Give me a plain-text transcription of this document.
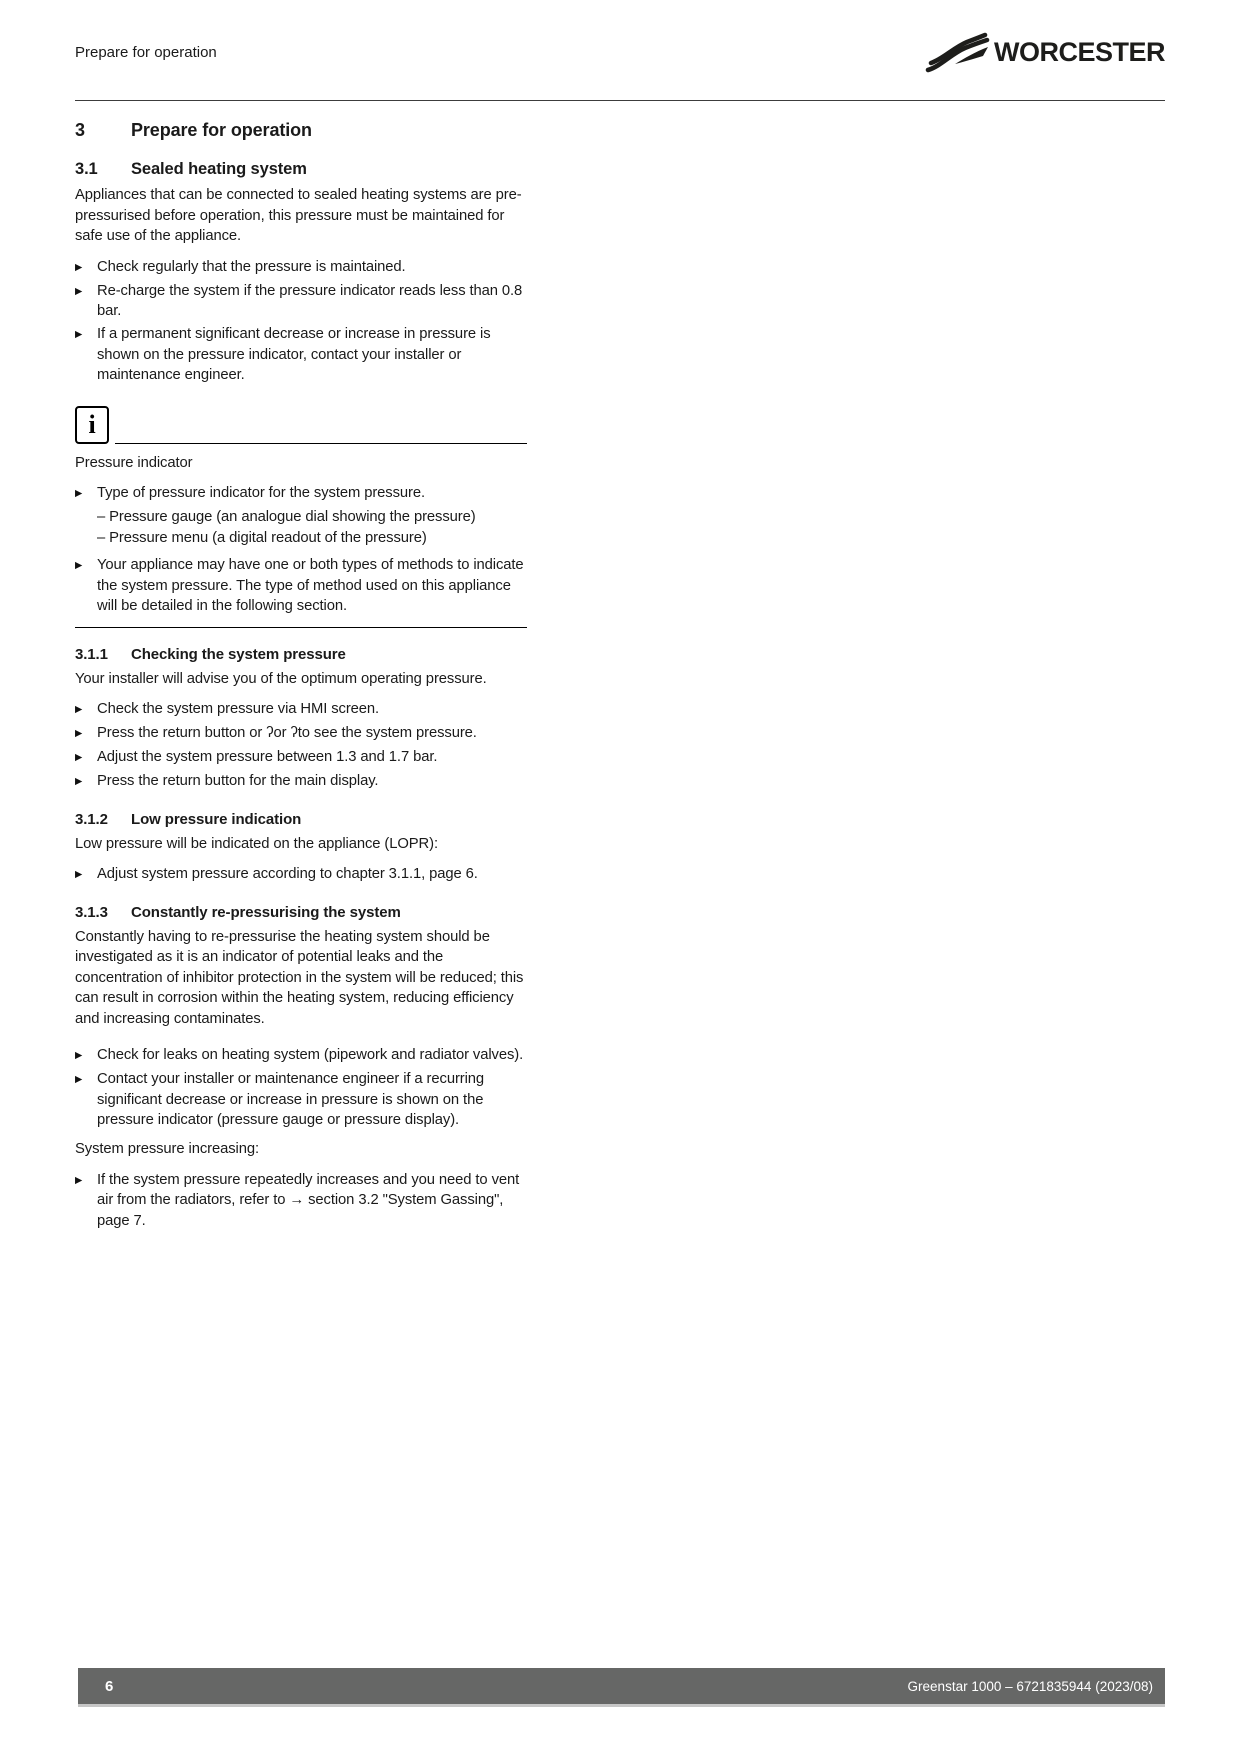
Prepare for operation	WORCESTER
3	Prepare for operation
3.1	Sealed heating system

Appliances that can be connected to sealed heating systems are pre-pressurised before operation, this pressure must be maintained for safe use of the appliance.

▶ Check regularly that the pressure is maintained.
▶ Re-charge the system if the pressure indicator reads less than 0.8 bar.
▶ If a permanent significant decrease or increase in pressure is shown on the pressure indicator, contact your installer or maintenance engineer.
i

Pressure indicator

▶ Type of pressure indicator for the system pressure.
– Pressure gauge (an analogue dial showing the pressure)
– Pressure menu (a digital readout of the pressure)
▶ Your appliance may have one or both types of methods to indicate the system pressure. The type of method used on this appliance will be detailed in the following section.
3.1.1	Checking the system pressure

Your installer will advise you of the optimum operating pressure.

▶ Check the system pressure via HMI screen.
▶ Press the return button or ʔor ʔto see the system pressure.
▶ Adjust the system pressure between 1.3 and 1.7 bar.
▶ Press the return button for the main display.
3.1.2	Low pressure indication

Low pressure will be indicated on the appliance (LOPR):

▶ Adjust system pressure according to chapter 3.1.1, page 6.
3.1.3	Constantly re-pressurising the system

Constantly having to re-pressurise the heating system should be investigated as it is an indicator of potential leaks and the concentration of inhibitor protection in the system will be reduced; this can result in corrosion within the heating system, reducing efficiency and increasing contaminates.

▶ Check for leaks on heating system (pipework and radiator valves).
▶ Contact your installer or maintenance engineer if a recurring significant decrease or increase in pressure is shown on the pressure indicator (pressure gauge or pressure display).

System pressure increasing:

▶ If the system pressure repeatedly increases and you need to vent air from the radiators, refer to → section 3.2 "System Gassing", page 7.
6	Greenstar 1000 – 6721835944 (2023/08)
